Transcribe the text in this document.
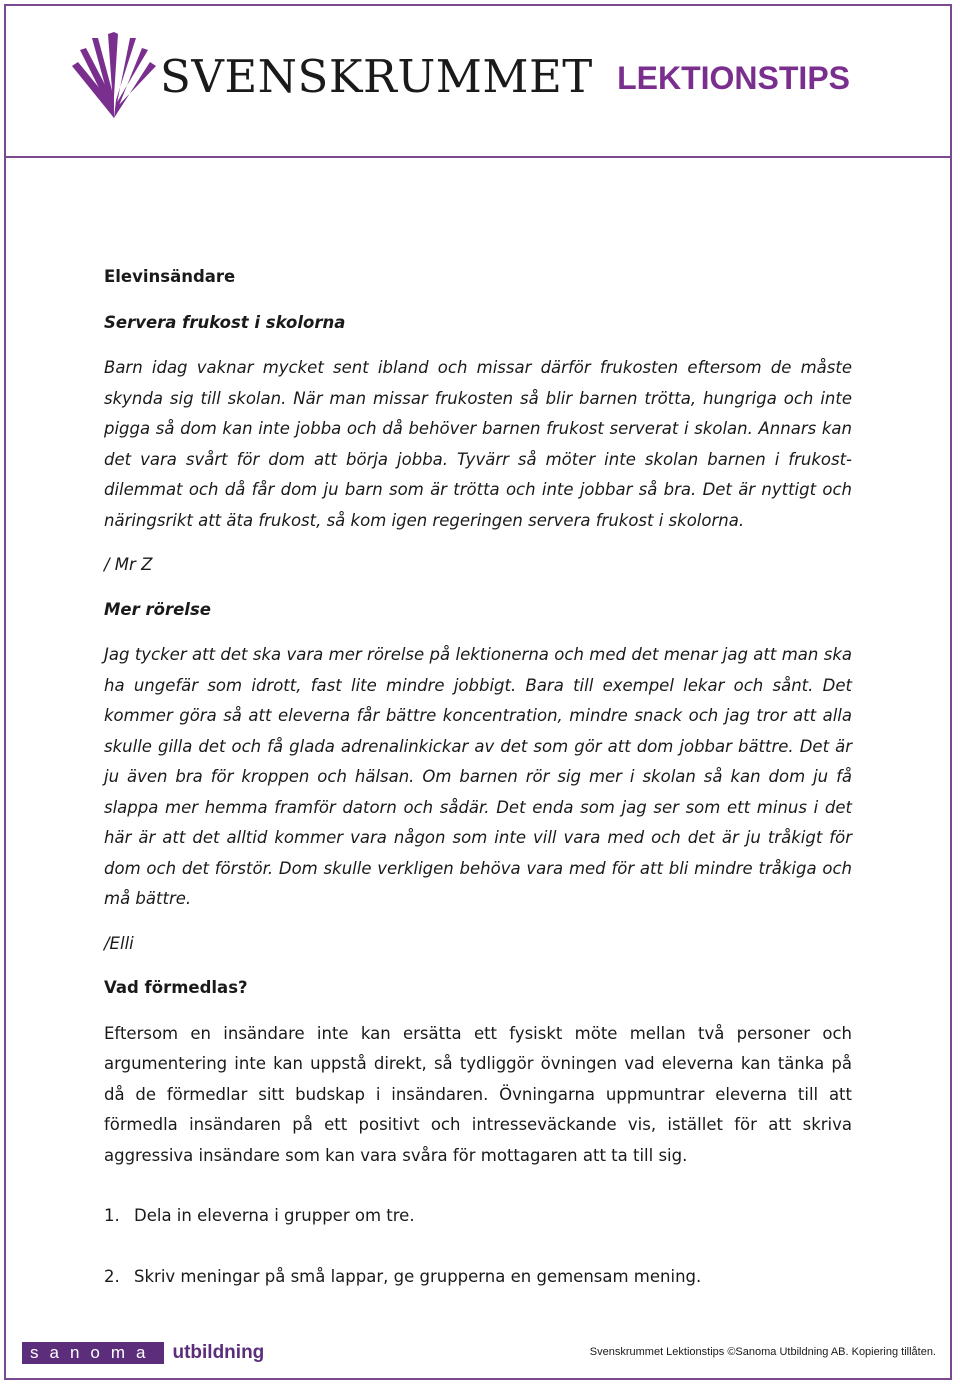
SVENSKRUMMET LEKTIONSTIPS

Elevinsändare

Servera frukost i skolorna

Barn idag vaknar mycket sent ibland och missar därför frukosten eftersom de måste skynda sig till skolan. När man missar frukosten så blir barnen trötta, hungriga och inte pigga så dom kan inte jobba och då behöver barnen frukost serverat i skolan. Annars kan det vara svårt för dom att börja jobba. Tyvärr så möter inte skolan barnen i frukost-dilemmat och då får dom ju barn som är trötta och inte jobbar så bra. Det är nyttigt och näringsrikt att äta frukost, så kom igen regeringen servera frukost i skolorna.

/ Mr Z

Mer rörelse

Jag tycker att det ska vara mer rörelse på lektionerna och med det menar jag att man ska ha ungefär som idrott, fast lite mindre jobbigt. Bara till exempel lekar och sånt. Det kommer göra så att eleverna får bättre koncentration, mindre snack och jag tror att alla skulle gilla det och få glada adrenalinkickar av det som gör att dom jobbar bättre. Det är ju även bra för kroppen och hälsan. Om barnen rör sig mer i skolan så kan dom ju få slappa mer hemma framför datorn och sådär. Det enda som jag ser som ett minus i det här är att det alltid kommer vara någon som inte vill vara med och det är ju tråkigt för dom och det förstör. Dom skulle verkligen behöva vara med för att bli mindre tråkiga och må bättre.

/Elli

Vad förmedlas?

Eftersom en insändare inte kan ersätta ett fysiskt möte mellan två personer och argumentering inte kan uppstå direkt, så tydliggör övningen vad eleverna kan tänka på då de förmedlar sitt budskap i insändaren. Övningarna uppmuntrar eleverna till att förmedla insändaren på ett positivt och intresseväckande vis, istället för att skriva aggressiva insändare som kan vara svåra för mottagaren att ta till sig.

1. Dela in eleverna i grupper om tre.
2. Skriv meningar på små lappar, ge grupperna en gemensam mening.
sanoma utbildning	Svenskrummet Lektionstips ©Sanoma Utbildning AB. Kopiering tillåten.
